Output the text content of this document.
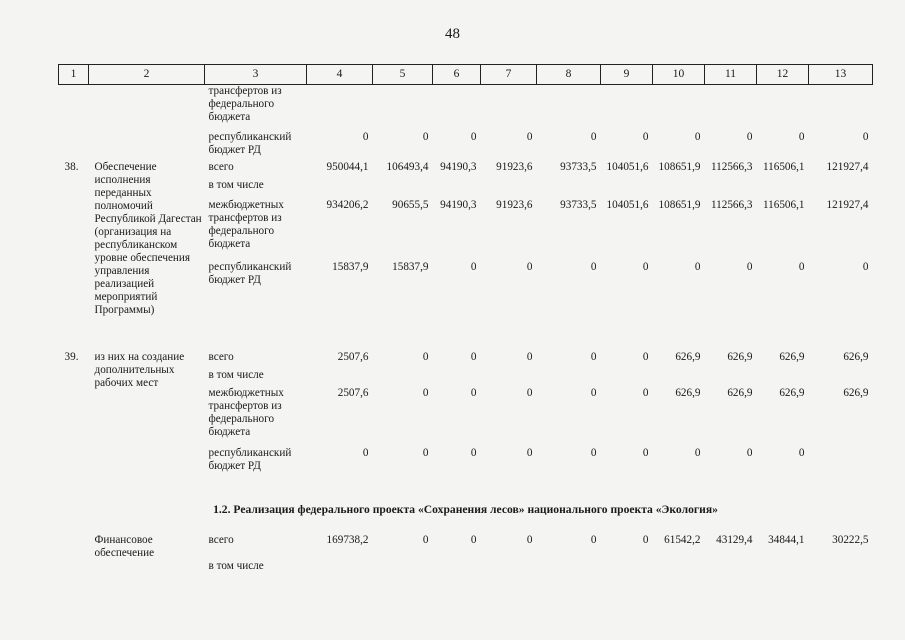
48
1	2	3	4	5	6	7	8	9	10	11	12	13
		трансфертов из федерального бюджета										
		республиканский бюджет РД	0	0	0	0	0	0	0	0	0	0
38.	Обеспечение исполнения переданных полномочий Республикой Дагестан (организация на республиканском уровне обеспечения управления реализацией мероприятий Программы)	всего	950044,1	106493,4	94190,3	91923,6	93733,5	104051,6	108651,9	112566,3	116506,1	121927,4
		в том числе										
		межбюджетных трансфертов из федерального бюджета	934206,2	90655,5	94190,3	91923,6	93733,5	104051,6	108651,9	112566,3	116506,1	121927,4
		республиканский бюджет РД	15837,9	15837,9	0	0	0	0	0	0	0	0
39.	из них на создание дополнительных рабочих мест	всего	2507,6	0	0	0	0	0	626,9	626,9	626,9	626,9
		в том числе										
		межбюджетных трансфертов из федерального бюджета	2507,6	0	0	0	0	0	626,9	626,9	626,9	626,9
		республиканский бюджет РД	0	0	0	0	0	0	0	0	0	
1.2. Реализация федерального проекта «Сохранения лесов» национального проекта «Экология»												
	Финансовое обеспечение	всего	169738,2	0	0	0	0	0	61542,2	43129,4	34844,1	30222,5
		в том числе										
